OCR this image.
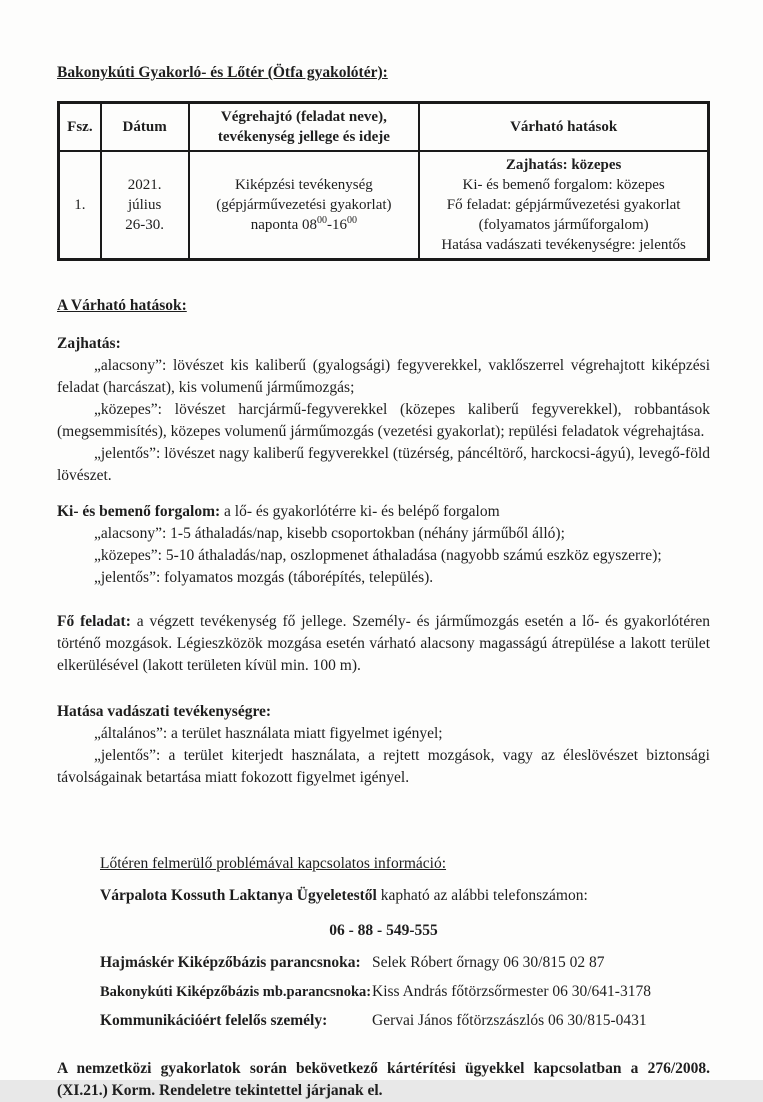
Bakonykúti Gyakorló- és Lőtér (Ötfa gyakolótér):

Fsz.	Dátum	Végrehajtó (feladat neve),
tevékenység jellege és ideje	Várható hatások
1.	2021.
július
26-30.	Kiképzési tevékenység
(gépjárművezetési gyakorlat)
naponta $08^{00}-16^{00}$	Zajhatás: közepes
Ki- és bemenő forgalom: közepes
Fő feladat: gépjárművezetési gyakorlat
(folyamatos járműforgalom)
Hatása vadászati tevékenységre: jelentős

A Várható hatások:

Zajhatás:

„alacsony”: lövészet kis kaliberű (gyalogsági) fegyverekkel, vaklőszerrel végrehajtott kiképzési feladat (harcászat), kis volumenű járműmozgás;

„közepes”: lövészet harcjármű-fegyverekkel (közepes kaliberű fegyverekkel), robbantások (megsemmisítés), közepes volumenű járműmozgás (vezetési gyakorlat); repülési feladatok végrehajtása.

„jelentős”: lövészet nagy kaliberű fegyverekkel (tüzérség, páncéltörő, harckocsi-ágyú), levegő-föld lövészet.

Ki- és bemenő forgalom: a lő- és gyakorlótérre ki- és belépő forgalom

„alacsony”: 1-5 áthaladás/nap, kisebb csoportokban (néhány járműből álló);

„közepes”: 5-10 áthaladás/nap, oszlopmenet áthaladása (nagyobb számú eszköz egyszerre);

„jelentős”: folyamatos mozgás (táborépítés, település).

Fő feladat: a végzett tevékenység fő jellege. Személy- és járműmozgás esetén a lő- és gyakorlótéren történő mozgások. Légieszközök mozgása esetén várható alacsony magasságú átrepülése a lakott terület elkerülésével (lakott területen kívül min. 100 m).

Hatása vadászati tevékenységre:

„általános”: a terület használata miatt figyelmet igényel;

„jelentős”: a terület kiterjedt használata, a rejtett mozgások, vagy az éleslövészet biztonsági távolságainak betartása miatt fokozott figyelmet igényel.

Lőtéren felmerülő problémával kapcsolatos információ:

Várpalota Kossuth Laktanya Ügyeletestől kapható az alábbi telefonszámon:

06 - 88 - 549-555

Hajmáskér Kiképzőbázis parancsnoka: Selek Róbert őrnagy 06 30/815 02 87
Bakonykúti Kiképzőbázis mb.parancsnoka: Kiss András főtörzsőrmester 06 30/641-3178
Kommunikációért felelős személy:	Gervai János főtörzszászlós 06 30/815-0431

A nemzetközi gyakorlatok során bekövetkező kártérítési ügyekkel kapcsolatban a 276/2008. (XI.21.) Korm. Rendeletre tekintettel járjanak el.
